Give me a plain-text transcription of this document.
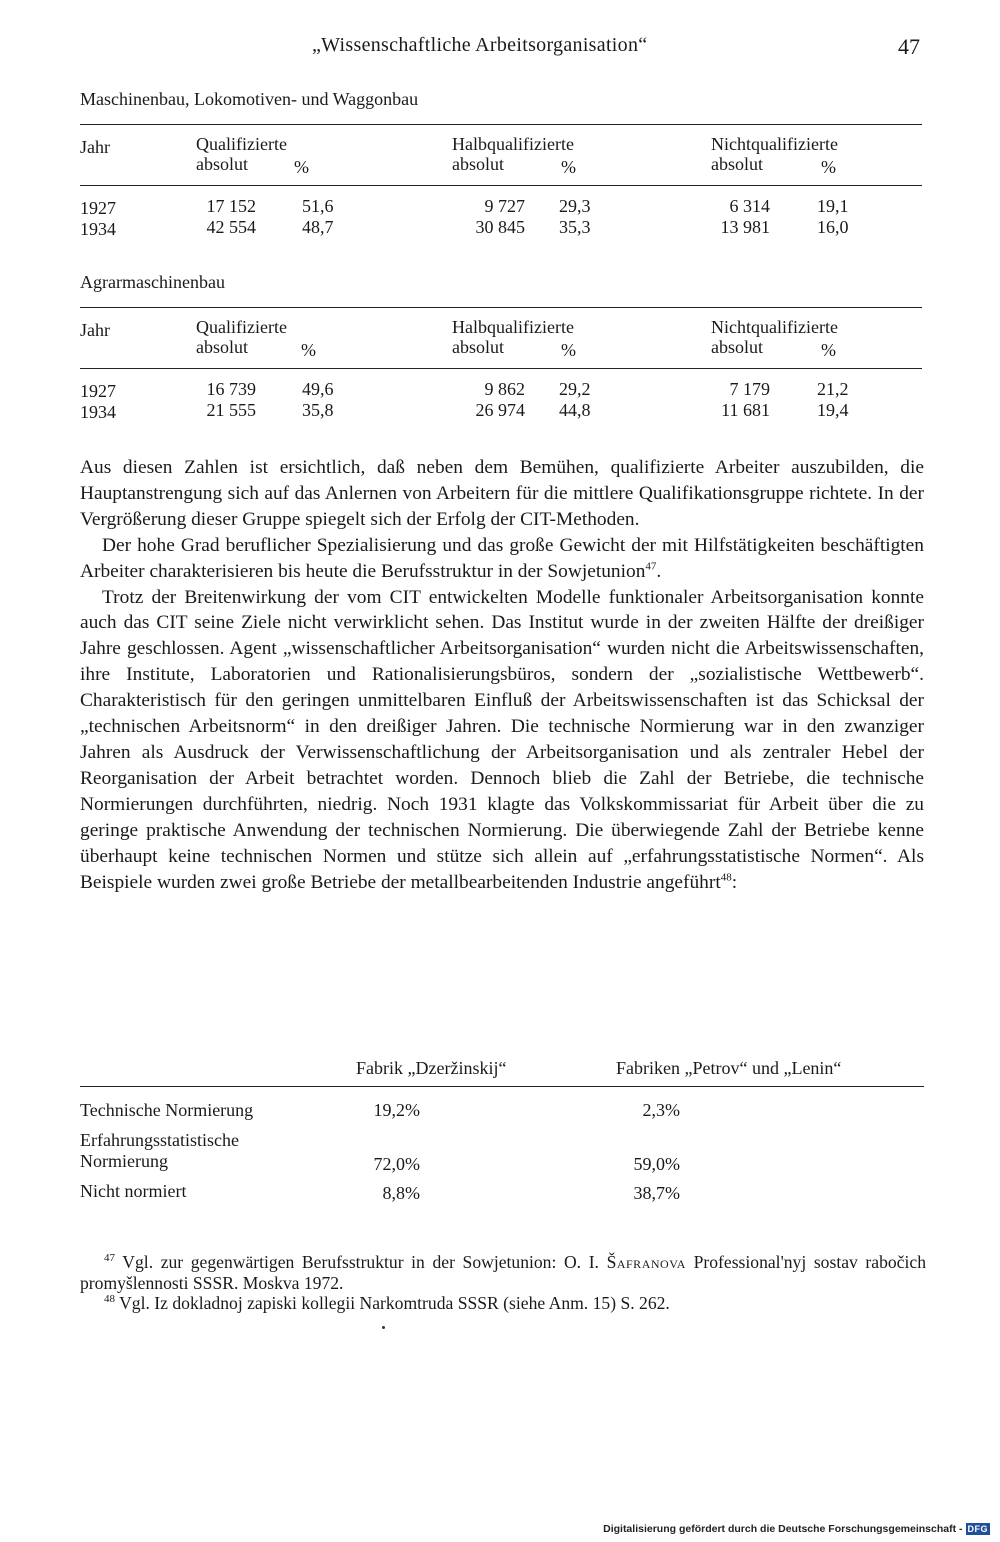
„Wissenschaftliche Arbeitsorganisation“	47
Maschinenbau, Lokomotiven- und Waggonbau
Jahr	Qualifizierte	Halbqualifizierte	Nichtqualifizierte
absolut	%	absolut	%	absolut	%
1927	17 152	51,6	9 727 29,3	6 314	19,1
1934	42 554	48,7	30 845 35,3	13 981	16,0
Agrarmaschinenbau
Jahr	Qualifizierte	Halbqualifizierte	Nichtqualifizierte
absolut	%	absolut	%	absolut	%
1927	16 739	49,6	9 862 29,2	7 179	21,2
1934	21 555	35,8	26 974 44,8	11 681	19,4

Aus diesen Zahlen ist ersichtlich, daß neben dem Bemühen, qualifizierte Arbeiter auszubilden, die Hauptanstrengung sich auf das Anlernen von Arbeitern für die mittlere Qualifikationsgruppe richtete. In der Vergrößerung dieser Gruppe spiegelt sich der Erfolg der CIT-Methoden.

Der hohe Grad beruflicher Spezialisierung und das große Gewicht der mit Hilfstätigkeiten beschäftigten Arbeiter charakterisieren bis heute die Berufsstruktur in der Sowjetunion$^{47}$.

Trotz der Breitenwirkung der vom CIT entwickelten Modelle funktionaler Arbeitsorganisation konnte auch das CIT seine Ziele nicht verwirklicht sehen. Das Institut wurde in der zweiten Hälfte der dreißiger Jahre geschlossen. Agent „wissenschaftlicher Arbeitsorganisation“ wurden nicht die Arbeitswissenschaften, ihre Institute, Laboratorien und Rationalisierungsbüros, sondern der „sozialistische Wettbewerb“. Charakteristisch für den geringen unmittelbaren Einfluß der Arbeitswissenschaften ist das Schicksal der „technischen Arbeitsnorm“ in den dreißiger Jahren. Die technische Normierung war in den zwanziger Jahren als Ausdruck der Verwissenschaftlichung der Arbeitsorganisation und als zentraler Hebel der Reorganisation der Arbeit betrachtet worden. Dennoch blieb die Zahl der Betriebe, die technische Normierungen durchführten, niedrig. Noch 1931 klagte das Volkskommissariat für Arbeit über die zu geringe praktische Anwendung der technischen Normierung. Die überwiegende Zahl der Betriebe kenne überhaupt keine technischen Normen und stütze sich allein auf „erfahrungsstatistische Normen“. Als Beispiele wurden zwei große Betriebe der metallbearbeitenden Industrie angeführt$^{48}$:

Fabrik „Dzeržinskij“	Fabriken „Petrov“ und „Lenin“
Technische Normierung	19,2%	2,3%
Erfahrungsstatistische
Normierung	72,0%	59,0%
Nicht normiert	8,8%	38,7%

$^{47}$ Vgl. zur gegenwärtigen Berufsstruktur in der Sowjetunion: O. I. Šafranova Professional'nyj sostav rabočich promyšlennosti SSSR. Moskva 1972.

$^{48}$ Vgl. Iz dokladnoj zapiski kollegii Narkomtruda SSSR (siehe Anm. 15) S. 262.

Digitalisierung gefördert durch die Deutsche Forschungsgemeinschaft - DFG
